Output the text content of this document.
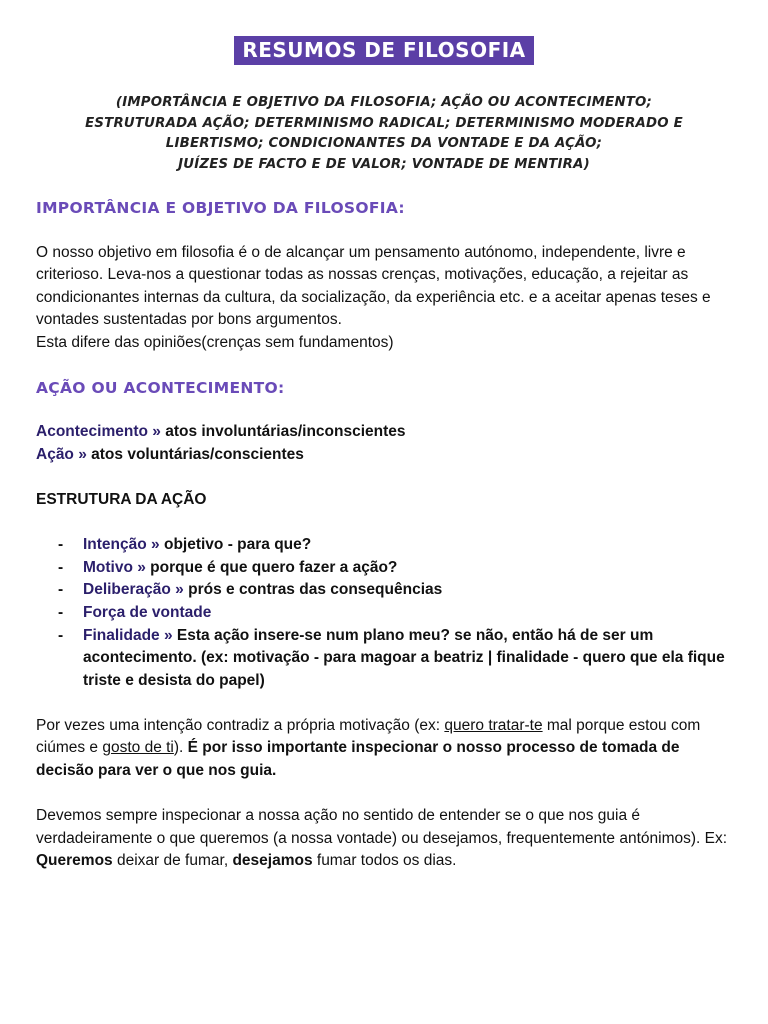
RESUMOS DE FILOSOFIA
(IMPORTÂNCIA E OBJETIVO DA FILOSOFIA; AÇÃO OU ACONTECIMENTO;
ESTRUTURADA AÇÃO; DETERMINISMO RADICAL; DETERMINISMO MODERADO E
LIBERTISMO; CONDICIONANTES DA VONTADE E DA AÇÃO;
JUÍZES DE FACTO E DE VALOR; VONTADE DE MENTIRA)
IMPORTÂNCIA E OBJETIVO DA FILOSOFIA:

O nosso objetivo em filosofia é o de alcançar um pensamento autónomo, independente, livre e criterioso. Leva-nos a questionar todas as nossas crenças, motivações, educação, a rejeitar as condicionantes internas da cultura, da socialização, da experiência etc. e a aceitar apenas teses e vontades sustentadas por bons argumentos.

Esta difere das opiniões(crenças sem fundamentos)

AÇÃO OU ACONTECIMENTO:
Acontecimento » atos involuntárias/inconscientes
Ação » atos voluntárias/conscientes
ESTRUTURA DA AÇÃO
- Intenção » objetivo - para que?
- Motivo » porque é que quero fazer a ação?
- Deliberação » prós e contras das consequências
- Força de vontade
- Finalidade » Esta ação insere-se num plano meu? se não, então há de ser um acontecimento. (ex: motivação - para magoar a beatriz | finalidade - quero que ela fique triste e desista do papel)

Por vezes uma intenção contradiz a própria motivação (ex: quero tratar-te mal porque estou com ciúmes e gosto de ti). É por isso importante inspecionar o nosso processo de tomada de decisão para ver o que nos guia.

Devemos sempre inspecionar a nossa ação no sentido de entender se o que nos guia é verdadeiramente o que queremos (a nossa vontade) ou desejamos, frequentemente antónimos). Ex: Queremos deixar de fumar, desejamos fumar todos os dias.
